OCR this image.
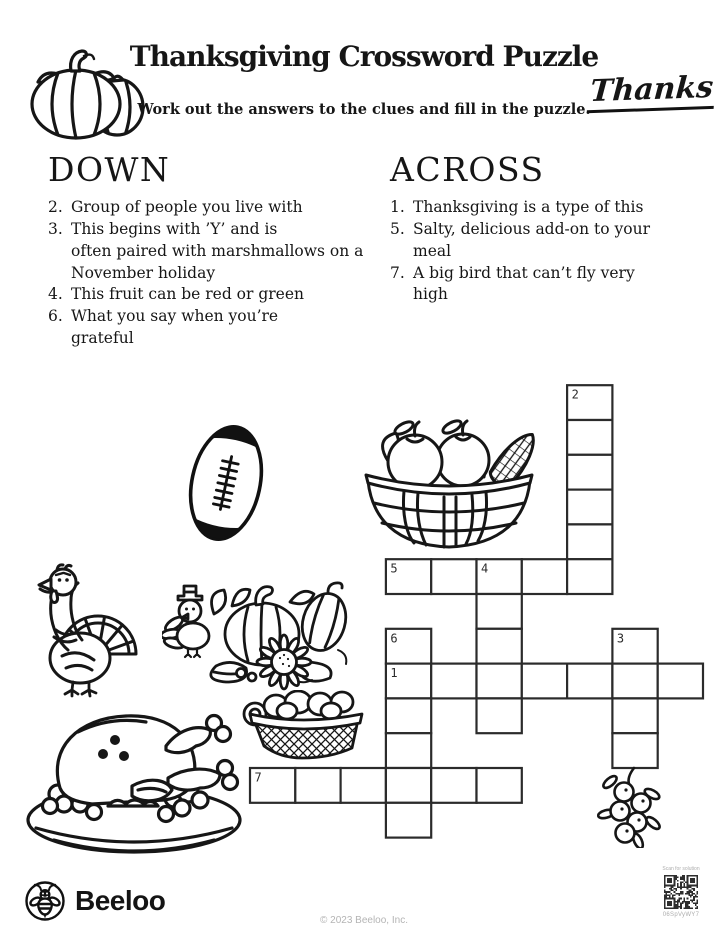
Thanksgiving Crossword Puzzle

Work out the answers to the clues and fill in the puzzle.

Thanks
DOWN
2. Group of people you live with
3. This begins with ’Y’ and is
often paired with marshmallows on a
November holiday
4. This fruit can be red or green
6. What you say when you’re
grateful
ACROSS
1. Thanksgiving is a type of this
5. Salty, delicious add-on to your
meal
7. A big bird that can’t fly very
high
2
5	4
6	3
1
7
Beeloo
© 2023 Beeloo, Inc.
Scan for solution
06SpVyWY7
